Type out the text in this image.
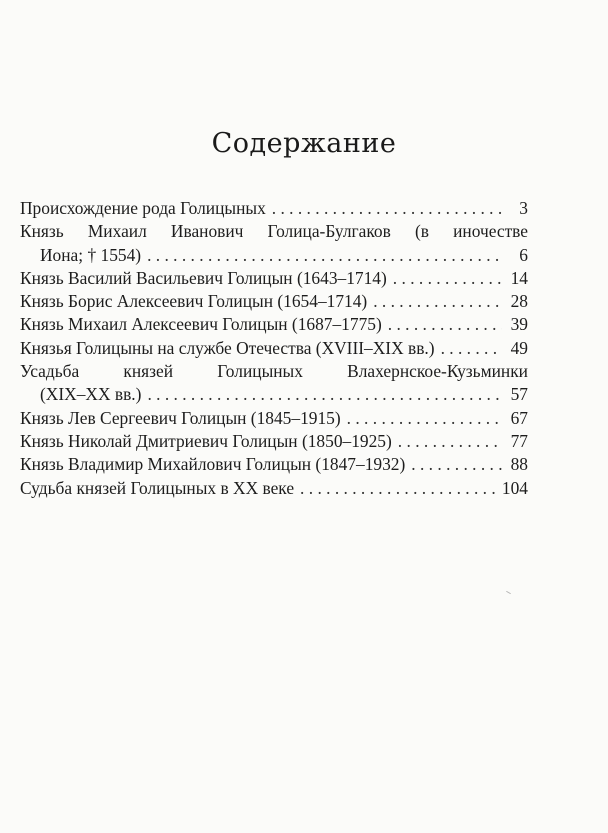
Содержание
Происхождение рода Голицыных . . .	3
Князь Михаил Иванович Голица-Булгаков (в иночестве
Иона; † 1554) . . .	6
Князь Василий Васильевич Голицын (1643–1714) . . .	14
Князь Борис Алексеевич Голицын (1654–1714) . . .	28
Князь Михаил Алексеевич Голицын (1687–1775) . . .	39
Князья Голицыны на службе Отечества (XVIII–XIX вв.) . . .	49
Усадьба князей Голицыных Влахернское-Кузьминки
(XIX–XX вв.) . . .	57
Князь Лев Сергеевич Голицын (1845–1915) . . .	67
Князь Николай Дмитриевич Голицын (1850–1925) . . .	77
Князь Владимир Михайлович Голицын (1847–1932) . . .	88
Судьба князей Голицыных в ХХ веке . . .	104
